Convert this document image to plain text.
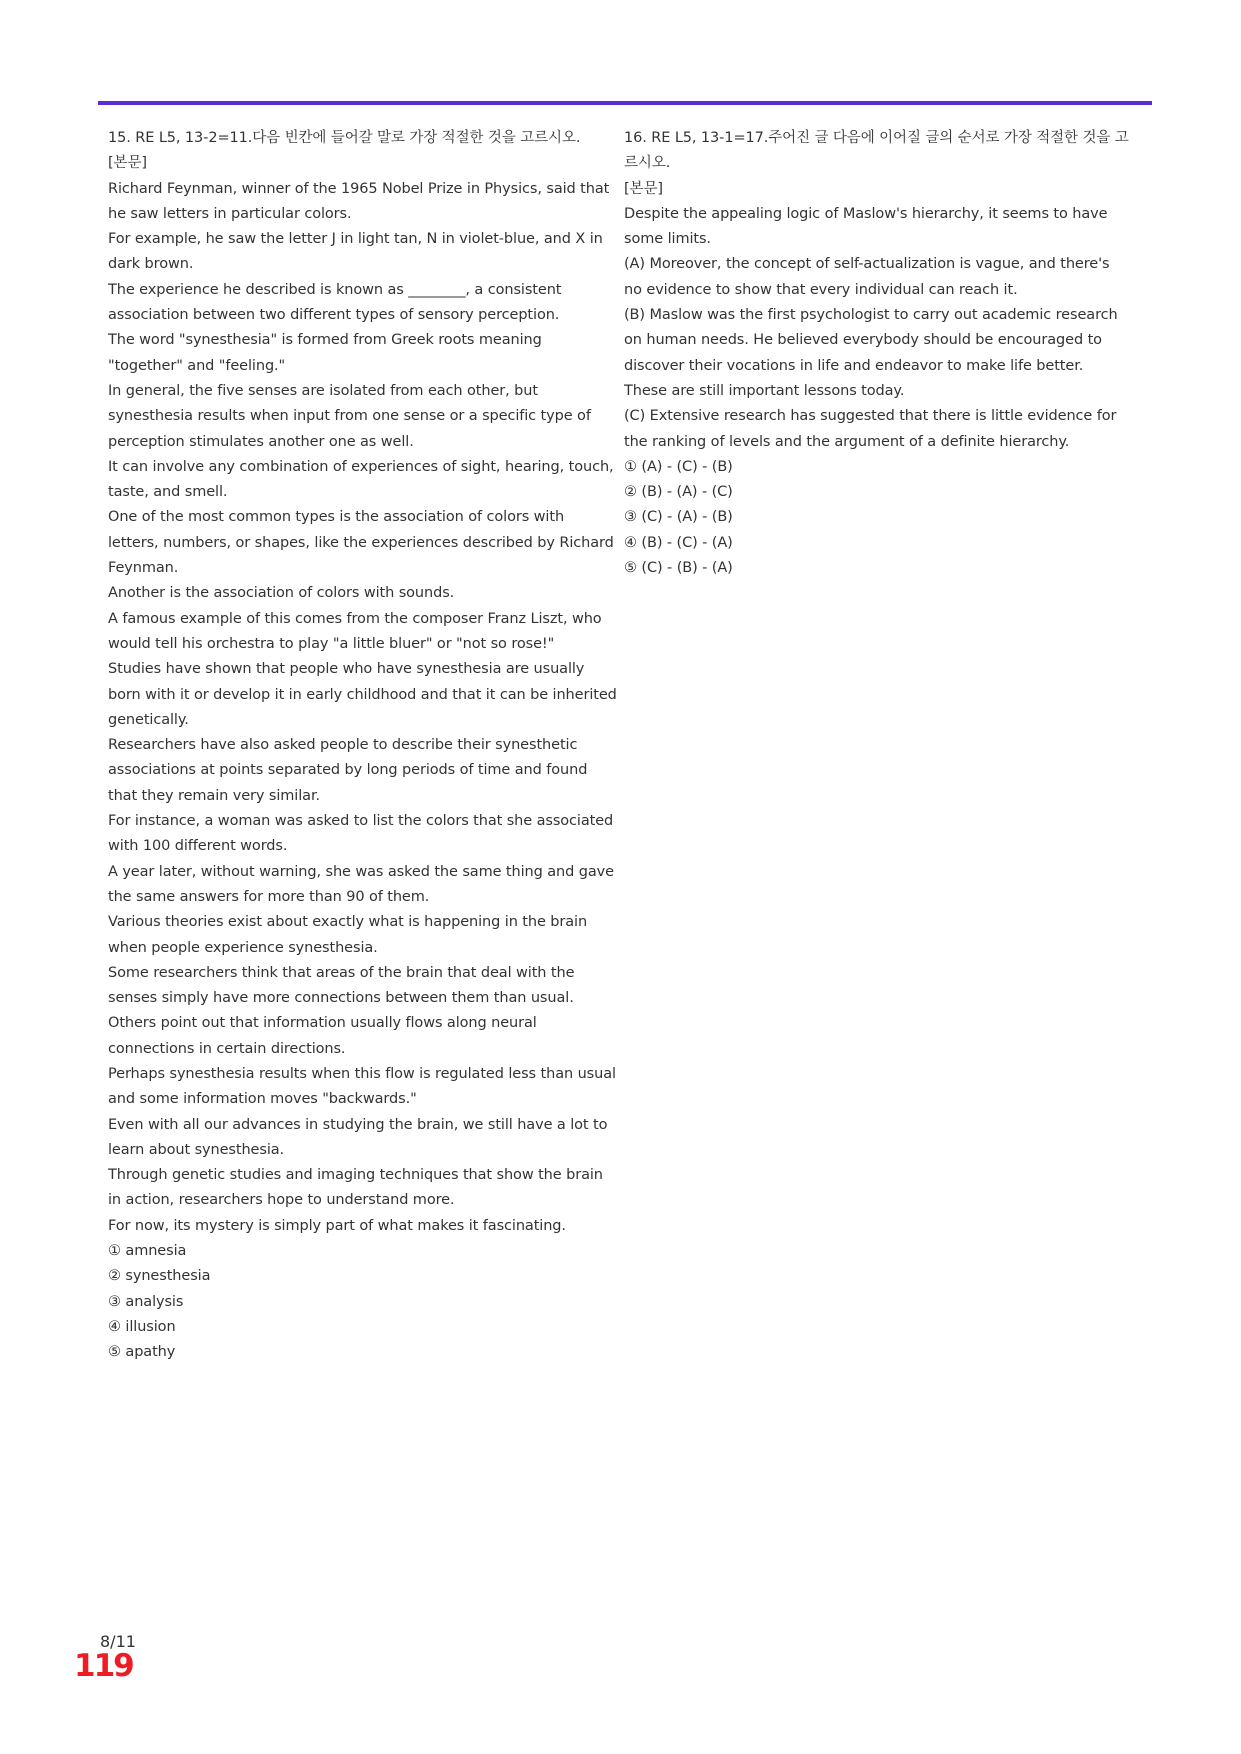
15. RE L5, 13-2=11.다음 빈칸에 들어갈 말로 가장 적절한 것을 고르시오.
[본문]
Richard Feynman, winner of the 1965 Nobel Prize in Physics, said that he saw letters in particular colors.
For example, he saw the letter J in light tan, N in violet-blue, and X in dark brown.
The experience he described is known as ________, a consistent association between two different types of sensory perception.
The word "synesthesia" is formed from Greek roots meaning "together" and "feeling."
In general, the five senses are isolated from each other, but synesthesia results when input from one sense or a specific type of perception stimulates another one as well.
It can involve any combination of experiences of sight, hearing, touch, taste, and smell.
One of the most common types is the association of colors with letters, numbers, or shapes, like the experiences described by Richard Feynman.
Another is the association of colors with sounds.
A famous example of this comes from the composer Franz Liszt, who would tell his orchestra to play "a little bluer" or "not so rose!"
Studies have shown that people who have synesthesia are usually born with it or develop it in early childhood and that it can be inherited genetically.
Researchers have also asked people to describe their synesthetic associations at points separated by long periods of time and found that they remain very similar.
For instance, a woman was asked to list the colors that she associated with 100 different words.
A year later, without warning, she was asked the same thing and gave the same answers for more than 90 of them.
Various theories exist about exactly what is happening in the brain when people experience synesthesia.
Some researchers think that areas of the brain that deal with the senses simply have more connections between them than usual.
Others point out that information usually flows along neural connections in certain directions.
Perhaps synesthesia results when this flow is regulated less than usual and some information moves "backwards."
Even with all our advances in studying the brain, we still have a lot to learn about synesthesia.
Through genetic studies and imaging techniques that show the brain in action, researchers hope to understand more.
For now, its mystery is simply part of what makes it fascinating.
① amnesia
② synesthesia
③ analysis
④ illusion
⑤ apathy
16. RE L5, 13-1=17.주어진 글 다음에 이어질 글의 순서로 가장 적절한 것을 고르시오.
[본문]
Despite the appealing logic of Maslow's hierarchy, it seems to have some limits.
(A) Moreover, the concept of self-actualization is vague, and there's no evidence to show that every individual can reach it.
(B) Maslow was the first psychologist to carry out academic research on human needs. He believed everybody should be encouraged to discover their vocations in life and endeavor to make life better. These are still important lessons today.
(C) Extensive research has suggested that there is little evidence for the ranking of levels and the argument of a definite hierarchy.
① (A) - (C) - (B)
② (B) - (A) - (C)
③ (C) - (A) - (B)
④ (B) - (C) - (A)
⑤ (C) - (B) - (A)
8/11
119
